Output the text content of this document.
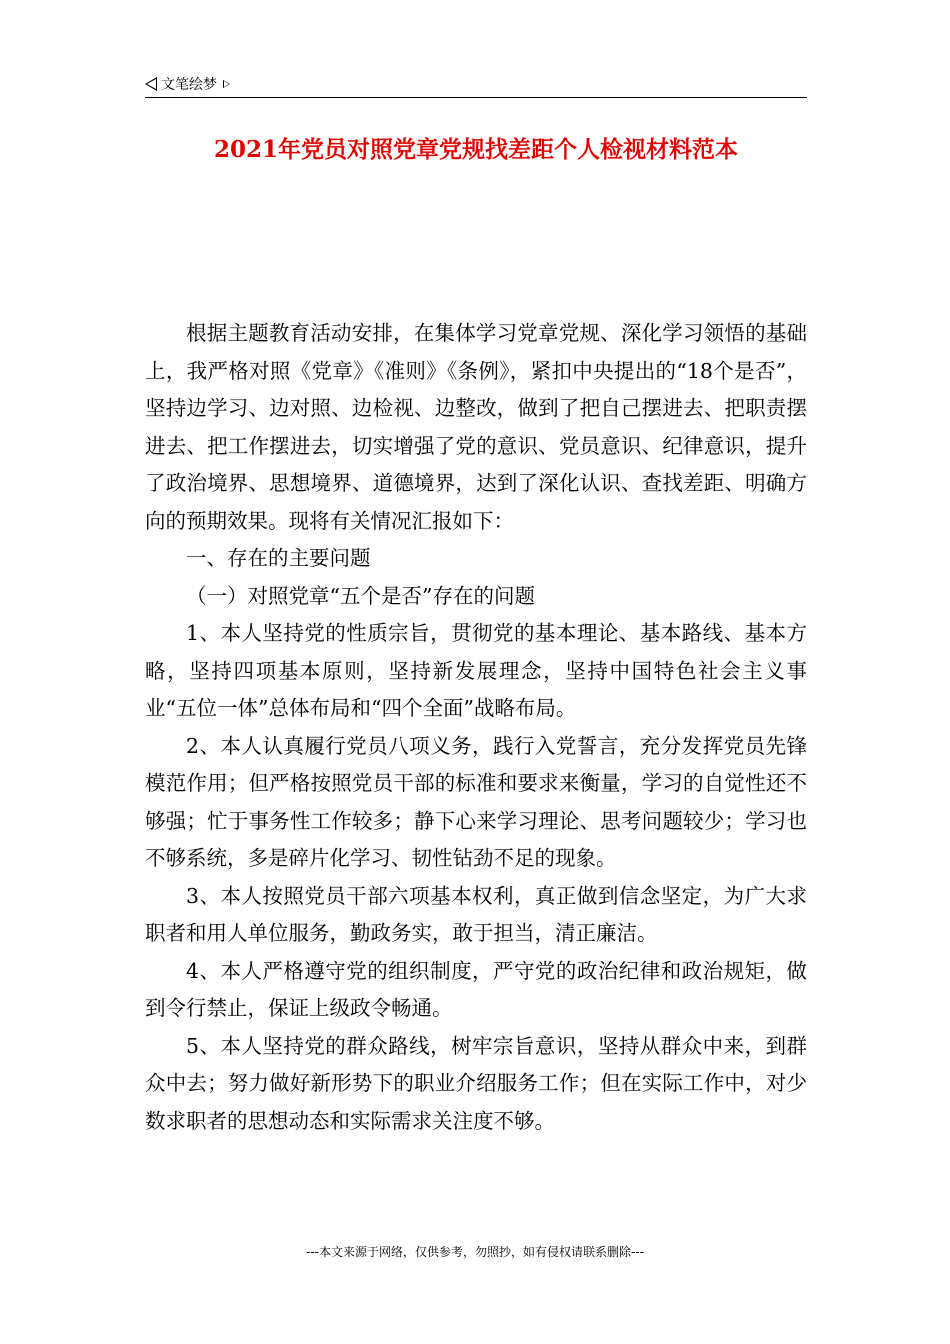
文笔绘梦
2021年党员对照党章党规找差距个人检视材料范本

根据主题教育活动安排，在集体学习党章党规、深化学习领悟的基础上，我严格对照《党章》《准则》《条例》，紧扣中央提出的“18个是否”，坚持边学习、边对照、边检视、边整改，做到了把自己摆进去、把职责摆进去、把工作摆进去，切实增强了党的意识、党员意识、纪律意识，提升了政治境界、思想境界、道德境界，达到了深化认识、查找差距、明确方向的预期效果。现将有关情况汇报如下：

一、存在的主要问题

（一）对照党章“五个是否”存在的问题

1、本人坚持党的性质宗旨，贯彻党的基本理论、基本路线、基本方略，坚持四项基本原则，坚持新发展理念，坚持中国特色社会主义事业“五位一体”总体布局和“四个全面”战略布局。

2、本人认真履行党员八项义务，践行入党誓言，充分发挥党员先锋模范作用；但严格按照党员干部的标准和要求来衡量，学习的自觉性还不够强；忙于事务性工作较多；静下心来学习理论、思考问题较少；学习也不够系统，多是碎片化学习、韧性钻劲不足的现象。

3、本人按照党员干部六项基本权利，真正做到信念坚定，为广大求职者和用人单位服务，勤政务实，敢于担当，清正廉洁。

4、本人严格遵守党的组织制度，严守党的政治纪律和政治规矩，做到令行禁止，保证上级政令畅通。

5、本人坚持党的群众路线，树牢宗旨意识，坚持从群众中来，到群众中去；努力做好新形势下的职业介绍服务工作；但在实际工作中，对少数求职者的思想动态和实际需求关注度不够。

---本文来源于网络，仅供参考，勿照抄，如有侵权请联系删除---
